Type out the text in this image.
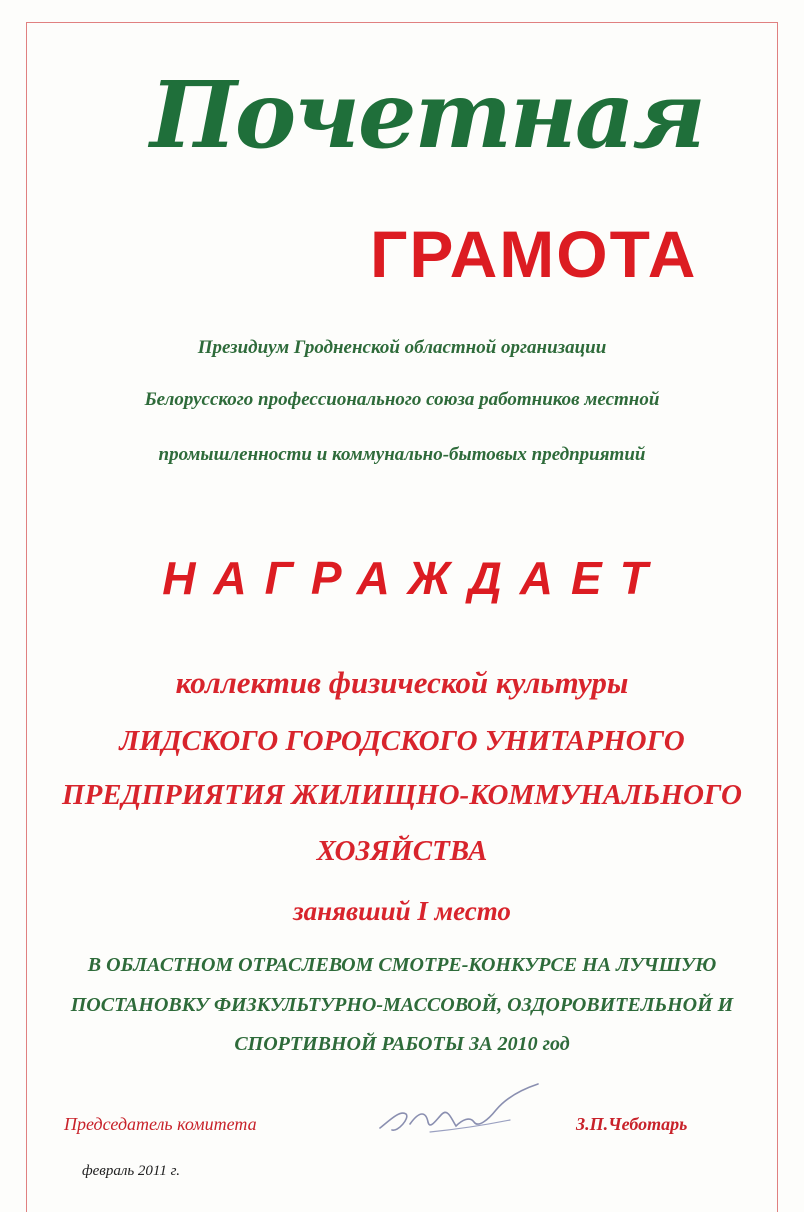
Почетная
ГРАМОТА
Президиум Гродненской областной организации
Белорусского профессионального союза работников местной
промышленности и коммунально-бытовых предприятий
НАГРАЖДАЕТ
коллектив физической культуры
ЛИДСКОГО ГОРОДСКОГО УНИТАРНОГО
ПРЕДПРИЯТИЯ ЖИЛИЩНО-КОММУНАЛЬНОГО
ХОЗЯЙСТВА
занявший I место
В ОБЛАСТНОМ ОТРАСЛЕВОМ СМОТРЕ-КОНКУРСЕ НА ЛУЧШУЮ
ПОСТАНОВКУ ФИЗКУЛЬТУРНО-МАССОВОЙ, ОЗДОРОВИТЕЛЬНОЙ И
СПОРТИВНОЙ РАБОТЫ ЗА 2010 год
Председатель комитета	З.П.Чеботарь
февраль 2011 г.
